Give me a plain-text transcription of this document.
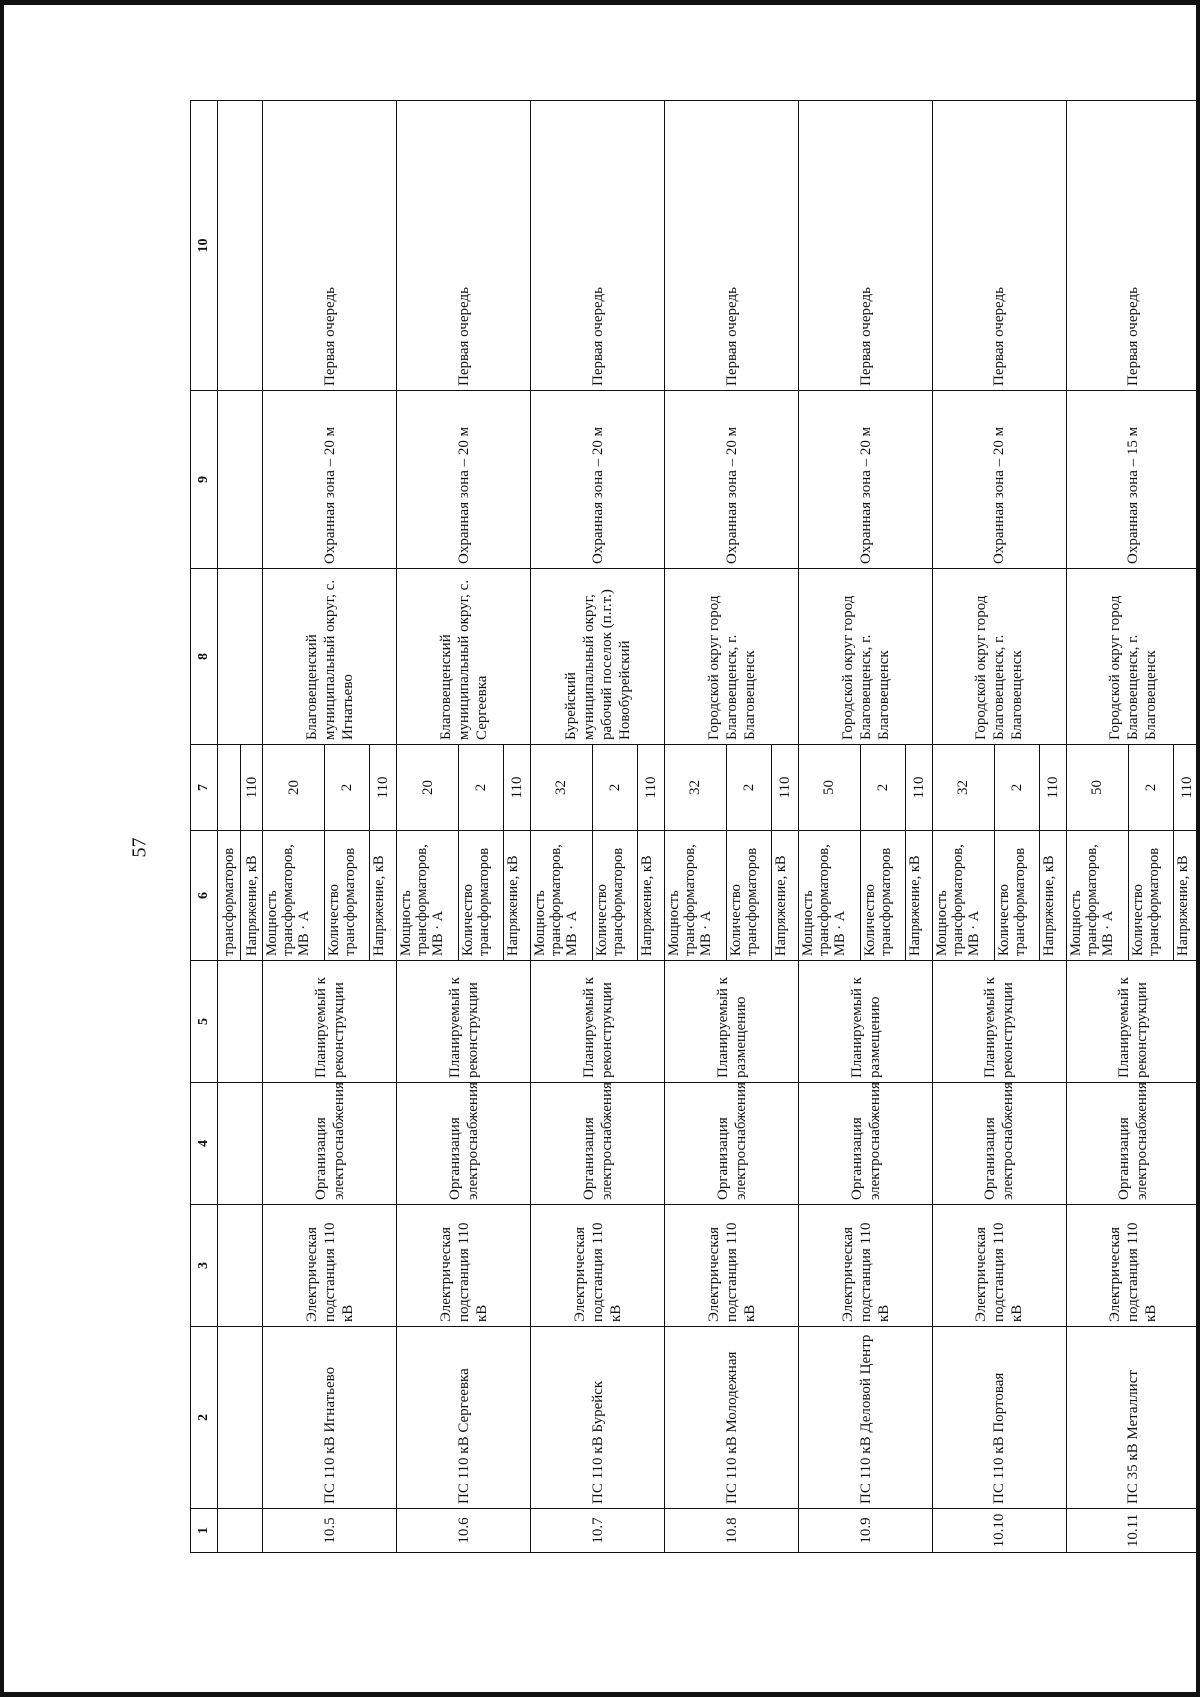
57
1	2	3	4	5	6	7	8	9	10
					трансформаторов				
					Напряжение, кВ	110			
10.5	ПС 110 кВ Игнатьево	Электрическая подстанция 110 кВ	Организация электроснабжения	Планируемый к реконструкции	Мощность трансформаторов, МВ · А	20	Благовещенский муниципальный округ, с. Игнатьево	Охранная зона – 20 м	Первая очередь
					Количество трансформаторов	2			
					Напряжение, кВ	110			
10.6	ПС 110 кВ Сергеевка	Электрическая подстанция 110 кВ	Организация электроснабжения	Планируемый к реконструкции	Мощность трансформаторов, МВ · А	20	Благовещенский муниципальный округ, с. Сергеевка	Охранная зона – 20 м	Первая очередь
					Количество трансформаторов	2			
					Напряжение, кВ	110			
10.7	ПС 110 кВ Бурейск	Электрическая подстанция 110 кВ	Организация электроснабжения	Планируемый к реконструкции	Мощность трансформаторов, МВ · А	32	Бурейский муниципальный округ, рабочий поселок (п.г.т.) Новобурейский	Охранная зона – 20 м	Первая очередь
					Количество трансформаторов	2			
					Напряжение, кВ	110			
10.8	ПС 110 кВ Молодежная	Электрическая подстанция 110 кВ	Организация электроснабжения	Планируемый к размещению	Мощность трансформаторов, МВ · А	32	Городской округ город Благовещенск, г. Благовещенск	Охранная зона – 20 м	Первая очередь
					Количество трансформаторов	2			
					Напряжение, кВ	110			
10.9	ПС 110 кВ Деловой Центр	Электрическая подстанция 110 кВ	Организация электроснабжения	Планируемый к размещению	Мощность трансформаторов, МВ · А	50	Городской округ город Благовещенск, г. Благовещенск	Охранная зона – 20 м	Первая очередь
					Количество трансформаторов	2			
					Напряжение, кВ	110			
10.10	ПС 110 кВ Портовая	Электрическая подстанция 110 кВ	Организация электроснабжения	Планируемый к реконструкции	Мощность трансформаторов, МВ · А	32	Городской округ город Благовещенск, г. Благовещенск	Охранная зона – 20 м	Первая очередь
					Количество трансформаторов	2			
					Напряжение, кВ	110			
10.11	ПС 35 кВ Металлист	Электрическая подстанция 110 кВ	Организация электроснабжения	Планируемый к реконструкции	Мощность трансформаторов, МВ · А	50	Городской округ город Благовещенск, г. Благовещенск	Охранная зона – 15 м	Первая очередь
					Количество трансформаторов	2			
					Напряжение, кВ	110			
